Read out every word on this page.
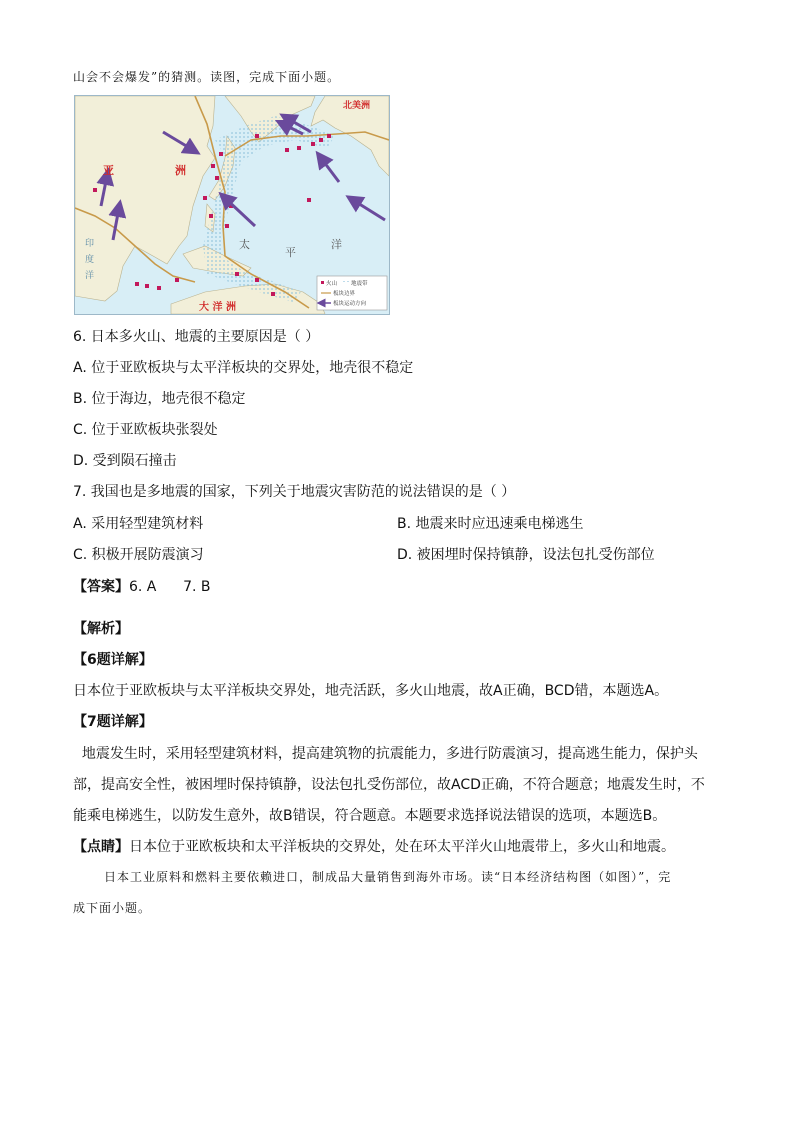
山会不会爆发”的猜测。读图，完成下面小题。
北美洲
亚	洲
太
平
洋
印
度
洋
大 洋 洲
火山	地震带
板块边界
板块运动方向
6. 日本多火山、地震的主要原因是（ ）
A. 位于亚欧板块与太平洋板块的交界处，地壳很不稳定
B. 位于海边，地壳很不稳定
C. 位于亚欧板块张裂处
D. 受到陨石撞击
7. 我国也是多地震的国家，下列关于地震灾害防范的说法错误的是（ ）
A. 采用轻型建筑材料	B. 地震来时应迅速乘电梯逃生
C. 积极开展防震演习	D. 被困埋时保持镇静，设法包扎受伤部位
【答案】6. A      7. B
【解析】
【6题详解】
日本位于亚欧板块与太平洋板块交界处，地壳活跃，多火山地震，故A正确，BCD错，本题选A。
【7题详解】
地震发生时，采用轻型建筑材料，提高建筑物的抗震能力，多进行防震演习，提高逃生能力，保护头
部，提高安全性，被困埋时保持镇静，设法包扎受伤部位，故ACD正确，不符合题意；地震发生时，不
能乘电梯逃生，以防发生意外，故B错误，符合题意。本题要求选择说法错误的选项，本题选B。
【点睛】日本位于亚欧板块和太平洋板块的交界处，处在环太平洋火山地震带上，多火山和地震。
日本工业原料和燃料主要依赖进口，制成品大量销售到海外市场。读“日本经济结构图（如图）”，完
成下面小题。
